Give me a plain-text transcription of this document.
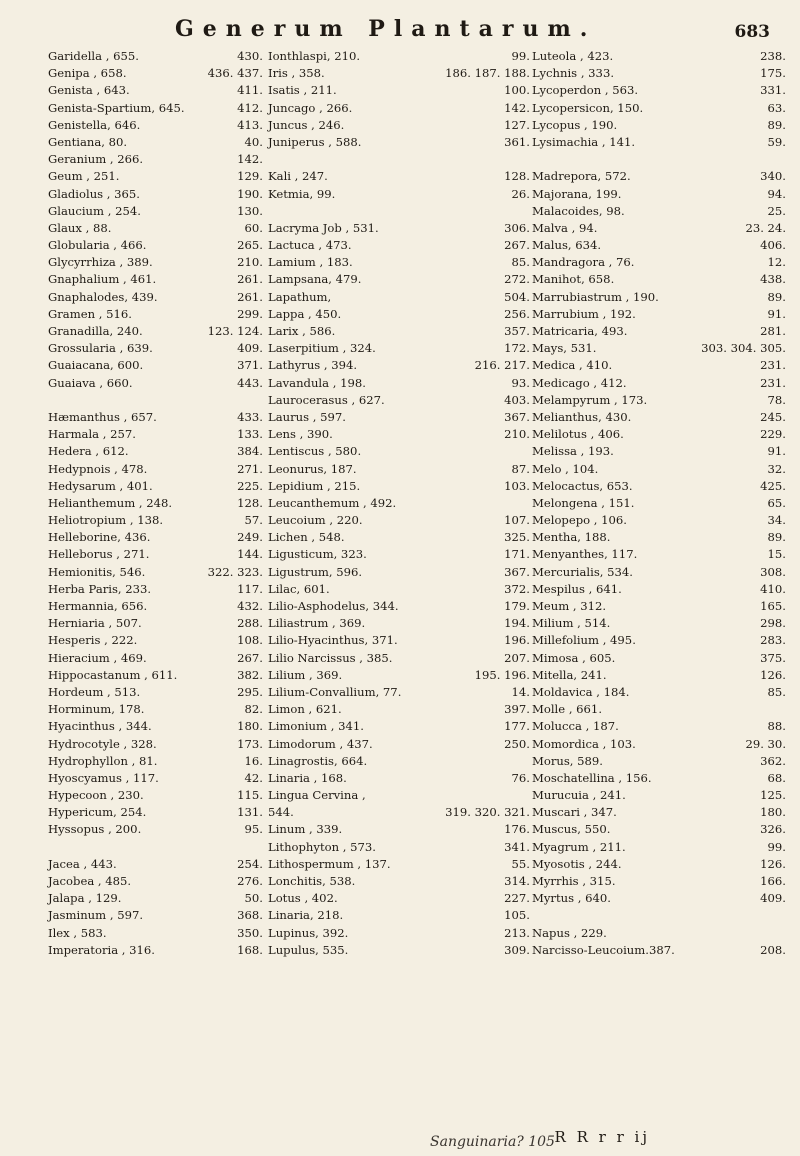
Generum Plantarum.	683
Garidella , 655.	430.
Genipa , 658.	436. 437.
Genista , 643.	411.
Genista-Spartium, 645.	412.
Genistella, 646.	413.
Gentiana, 80.	40.
Geranium , 266.	142.
Geum , 251.	129.
Gladiolus , 365.	190.
Glaucium , 254.	130.
Glaux , 88.	60.
Globularia , 466.	265.
Glycyrrhiza , 389.	210.
Gnaphalium , 461.	261.
Gnaphalodes, 439.	261.
Gramen , 516.	299.
Granadilla, 240.	123. 124.
Grossularia , 639.	409.
Guaiacana, 600.	371.
Guaiava , 660.	443.
Hæmanthus , 657.	433.
Harmala , 257.	133.
Hedera , 612.	384.
Hedypnois , 478.	271.
Hedysarum , 401.	225.
Helianthemum , 248.	128.
Heliotropium , 138.	57.
Helleborine, 436.	249.
Helleborus , 271.	144.
Hemionitis, 546.	322. 323.
Herba Paris, 233.	117.
Hermannia, 656.	432.
Herniaria , 507.	288.
Hesperis , 222.	108.
Hieracium , 469.	267.
Hippocastanum , 611.	382.
Hordeum , 513.	295.
Horminum, 178.	82.
Hyacinthus , 344.	180.
Hydrocotyle , 328.	173.
Hydrophyllon , 81.	16.
Hyoscyamus , 117.	42.
Hypecoon , 230.	115.
Hypericum, 254.	131.
Hyssopus , 200.	95.
Jacea , 443.	254.
Jacobea , 485.	276.
Jalapa , 129.	50.
Jasminum , 597.	368.
Ilex , 583.	350.
Imperatoria , 316.	168.
Ionthlaspi, 210.	99.
Iris , 358.	186. 187. 188.
Isatis , 211.	100.
Juncago , 266.	142.
Juncus , 246.	127.
Juniperus , 588.	361.
Kali , 247.	128.
Ketmia, 99.	26.
Lacryma Job , 531.	306.
Lactuca , 473.	267.
Lamium , 183.	85.
Lampsana, 479.	272.
Lapathum,	504.
Lappa , 450.	256.
Larix , 586.	357.
Laserpitium , 324.	172.
Lathyrus , 394.	216. 217.
Lavandula , 198.	93.
Laurocerasus , 627.	403.
Laurus , 597.	367.
Lens , 390.	210.
Lentiscus , 580.
Leonurus, 187.	87.
Lepidium , 215.	103.
Leucanthemum , 492.
Leucoium , 220.	107.
Lichen , 548.	325.
Ligusticum, 323.	171.
Ligustrum, 596.	367.
Lilac, 601.	372.
Lilio-Asphodelus, 344.	179.
Liliastrum , 369.	194.
Lilio-Hyacinthus, 371.	196.
Lilio Narcissus , 385.	207.
Lilium , 369.	195. 196.
Lilium-Convallium, 77.	14.
Limon , 621.	397.
Limonium , 341.	177.
Limodorum , 437.	250.
Linagrostis, 664.
Linaria , 168.	76.
Lingua Cervina ,
544.	319. 320. 321.
Linum , 339.	176.
Lithophyton , 573.	341.
Lithospermum , 137.	55.
Lonchitis, 538.	314.
Lotus , 402.	227.
Linaria, 218.	105.
Lupinus, 392.	213.
Lupulus, 535.	309.
Luteola , 423.	238.
Lychnis , 333.	175.
Lycoperdon , 563.	331.
Lycopersicon, 150.	63.
Lycopus , 190.	89.
Lysimachia , 141.	59.
Madrepora, 572.	340.
Majorana, 199.	94.
Malacoides, 98.	25.
Malva , 94.	23. 24.
Malus, 634.	406.
Mandragora , 76.	12.
Manihot, 658.	438.
Marrubiastrum , 190.	89.
Marrubium , 192.	91.
Matricaria, 493.	281.
Mays, 531.	303. 304. 305.
Medica , 410.	231.
Medicago , 412.	231.
Melampyrum , 173.	78.
Melianthus, 430.	245.
Melilotus , 406.	229.
Melissa , 193.	91.
Melo , 104.	32.
Melocactus, 653.	425.
Melongena , 151.	65.
Melopepo , 106.	34.
Mentha, 188.	89.
Menyanthes, 117.	15.
Mercurialis, 534.	308.
Mespilus , 641.	410.
Meum , 312.	165.
Milium , 514.	298.
Millefolium , 495.	283.
Mimosa , 605.	375.
Mitella, 241.	126.
Moldavica , 184.	85.
Molle , 661.
Molucca , 187.	88.
Momordica , 103.	29. 30.
Morus, 589.	362.
Moschatellina , 156.	68.
Murucuia , 241.	125.
Muscari , 347.	180.
Muscus, 550.	326.
Myagrum , 211.	99.
Myosotis , 244.	126.
Myrrhis , 315.	166.
Myrtus , 640.	409.
Napus , 229.
Narcisso-Leucoium.387.	208.
Sanguinaria? 105 R R r r ij
